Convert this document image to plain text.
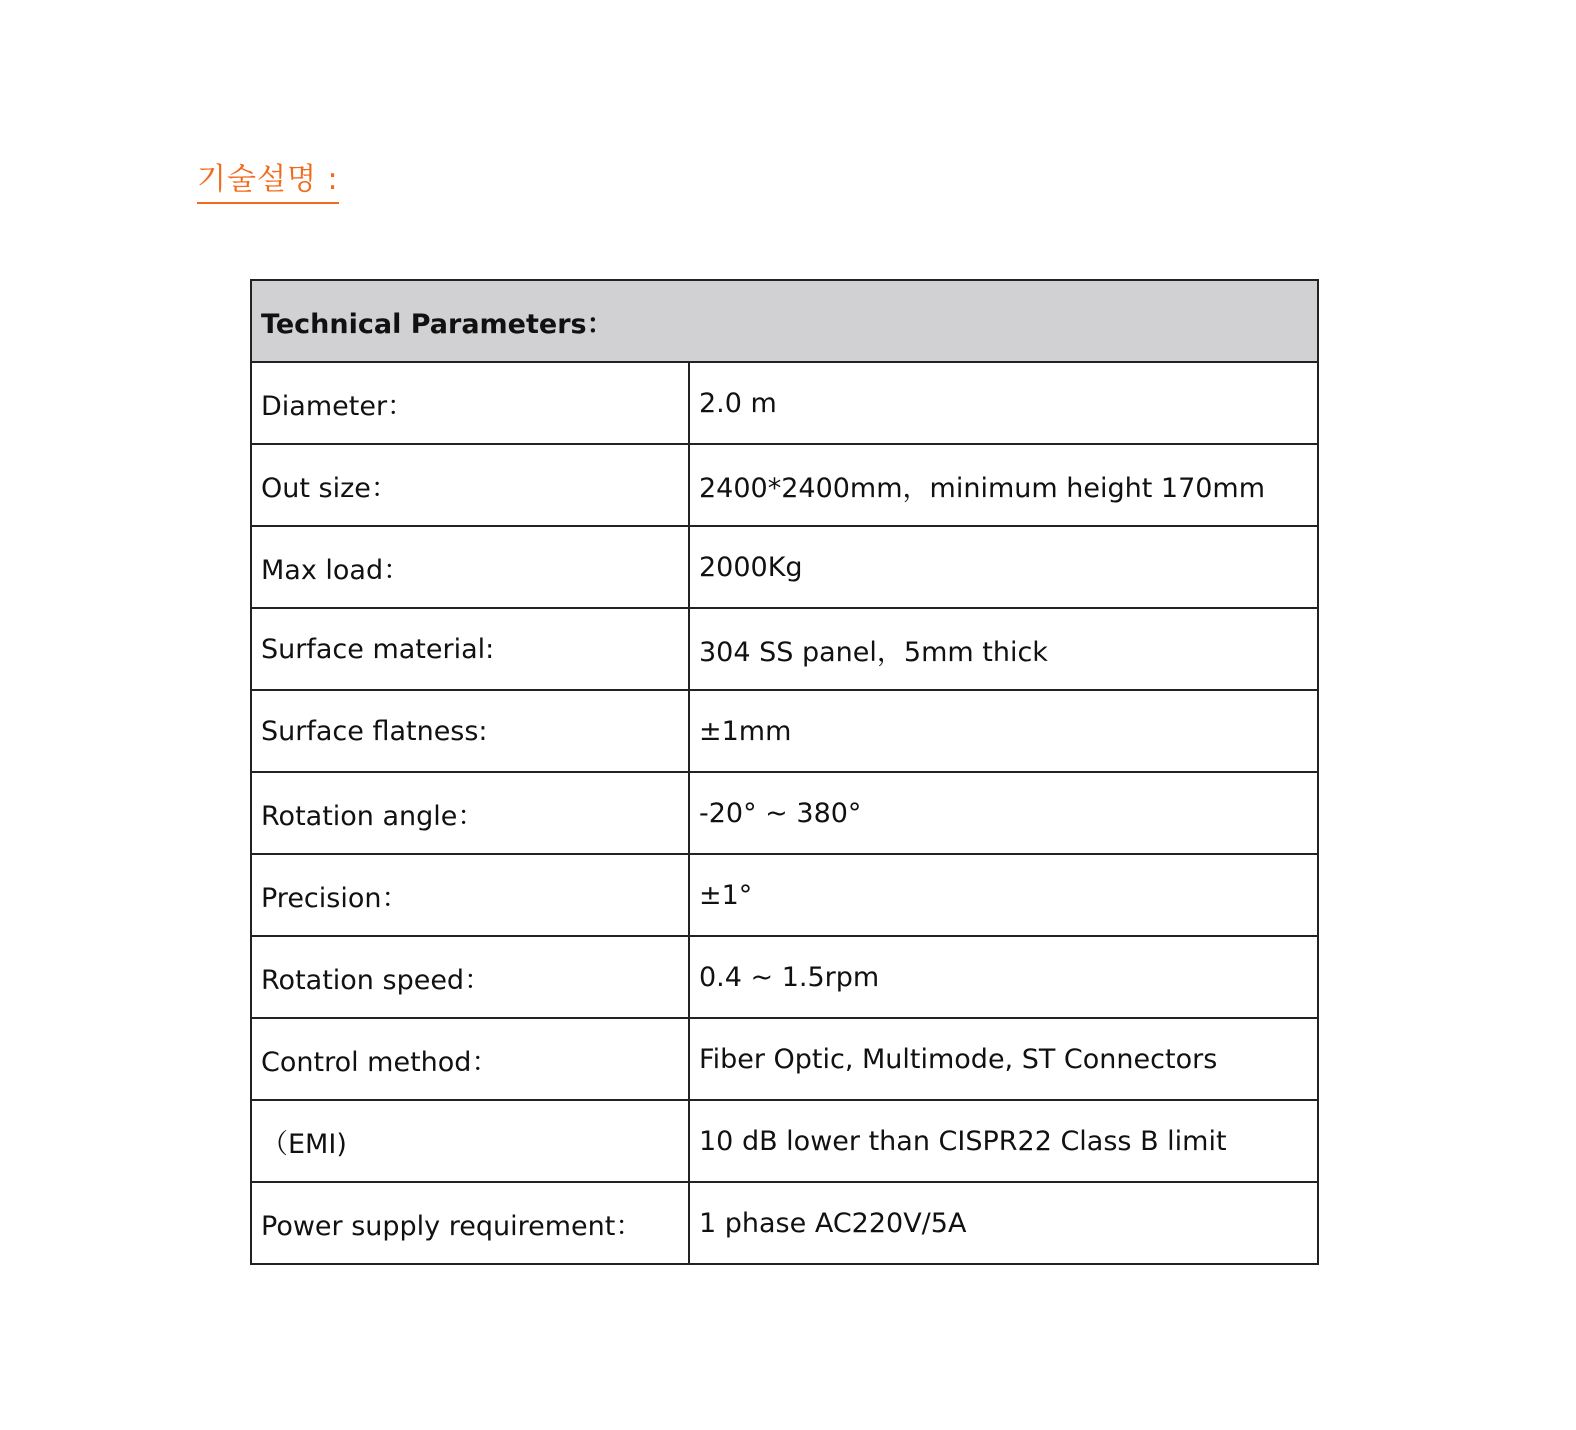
기술설명 :
Technical Parameters：	
Diameter：	2.0 m
Out size：	2400*2400mm，minimum height 170mm
Max load：	2000Kg
Surface material:	304 SS panel，5mm thick
Surface flatness:	±1mm
Rotation angle：	-20° ~ 380°
Precision：	±1°
Rotation speed：	0.4 ~ 1.5rpm
Control method：	Fiber Optic, Multimode, ST Connectors
（EMI)	10 dB lower than CISPR22 Class B limit
Power supply requirement：	1 phase AC220V/5A
